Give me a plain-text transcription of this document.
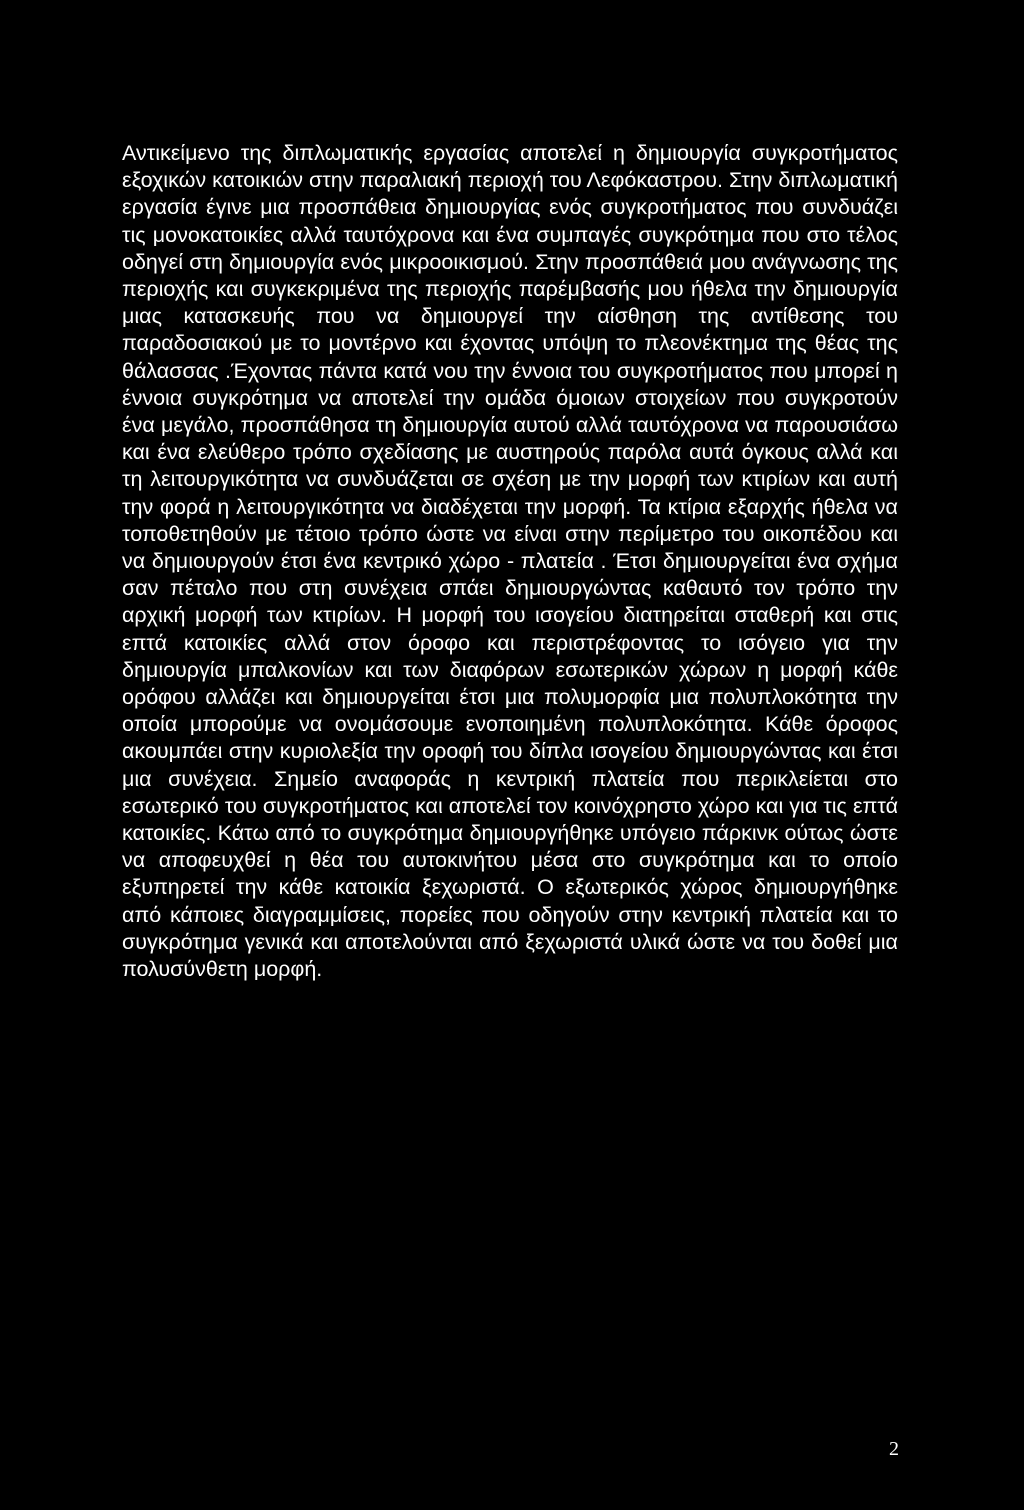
Αντικείμενο της διπλωματικής εργασίας αποτελεί η δημιουργία συγκροτήματος εξοχικών κατοικιών στην παραλιακή περιοχή του Λεφόκαστρου. Στην διπλωματική εργασία έγινε μια προσπάθεια δημιουργίας ενός συγκροτήματος που συνδυάζει τις μονοκατοικίες αλλά ταυτόχρονα και ένα συμπαγές συγκρότημα που στο τέλος οδηγεί στη δημιουργία ενός μικροοικισμού. Στην προσπάθειά μου ανάγνωσης της περιοχής και συγκεκριμένα της περιοχής παρέμβασής μου ήθελα την δημιουργία μιας κατασκευής που να δημιουργεί την αίσθηση της αντίθεσης του παραδοσιακού με το μοντέρνο και έχοντας υπόψη το πλεονέκτημα της θέας της θάλασσας .Έχοντας πάντα κατά νου την έννοια του συγκροτήματος που μπορεί η έννοια συγκρότημα να αποτελεί την ομάδα όμοιων στοιχείων που συγκροτούν ένα μεγάλο, προσπάθησα τη δημιουργία αυτού αλλά ταυτόχρονα να παρουσιάσω και ένα ελεύθερο τρόπο σχεδίασης με αυστηρούς παρόλα αυτά όγκους αλλά και τη λειτουργικότητα να συνδυάζεται σε σχέση με την μορφή των κτιρίων και αυτή την φορά η λειτουργικότητα να διαδέχεται την μορφή. Τα κτίρια εξαρχής ήθελα να τοποθετηθούν με τέτοιο τρόπο ώστε να είναι στην περίμετρο του οικοπέδου και να δημιουργούν έτσι ένα κεντρικό χώρο - πλατεία . Έτσι δημιουργείται ένα σχήμα σαν πέταλο που στη συνέχεια σπάει δημιουργώντας καθαυτό τον τρόπο την αρχική μορφή των κτιρίων. Η μορφή του ισογείου διατηρείται σταθερή και στις επτά κατοικίες αλλά στον όροφο και περιστρέφοντας το ισόγειο για την δημιουργία μπαλκονίων και των διαφόρων εσωτερικών χώρων η μορφή κάθε ορόφου αλλάζει και δημιουργείται έτσι μια πολυμορφία μια πολυπλοκότητα την οποία μπορούμε να ονομάσουμε ενοποιημένη πολυπλοκότητα. Κάθε όροφος ακουμπάει στην κυριολεξία την οροφή του δίπλα ισογείου δημιουργώντας και έτσι μια συνέχεια. Σημείο αναφοράς η κεντρική πλατεία που περικλείεται στο εσωτερικό του συγκροτήματος και αποτελεί τον κοινόχρηστο χώρο και για τις επτά κατοικίες. Κάτω από το συγκρότημα δημιουργήθηκε υπόγειο πάρκινκ ούτως ώστε να αποφευχθεί η θέα του αυτοκινήτου μέσα στο συγκρότημα και το οποίο εξυπηρετεί την κάθε κατοικία ξεχωριστά. Ο εξωτερικός χώρος δημιουργήθηκε από κάποιες διαγραμμίσεις, πορείες που οδηγούν στην κεντρική πλατεία και το συγκρότημα γενικά και αποτελούνται από ξεχωριστά υλικά ώστε να του δοθεί μια πολυσύνθετη μορφή.

2
